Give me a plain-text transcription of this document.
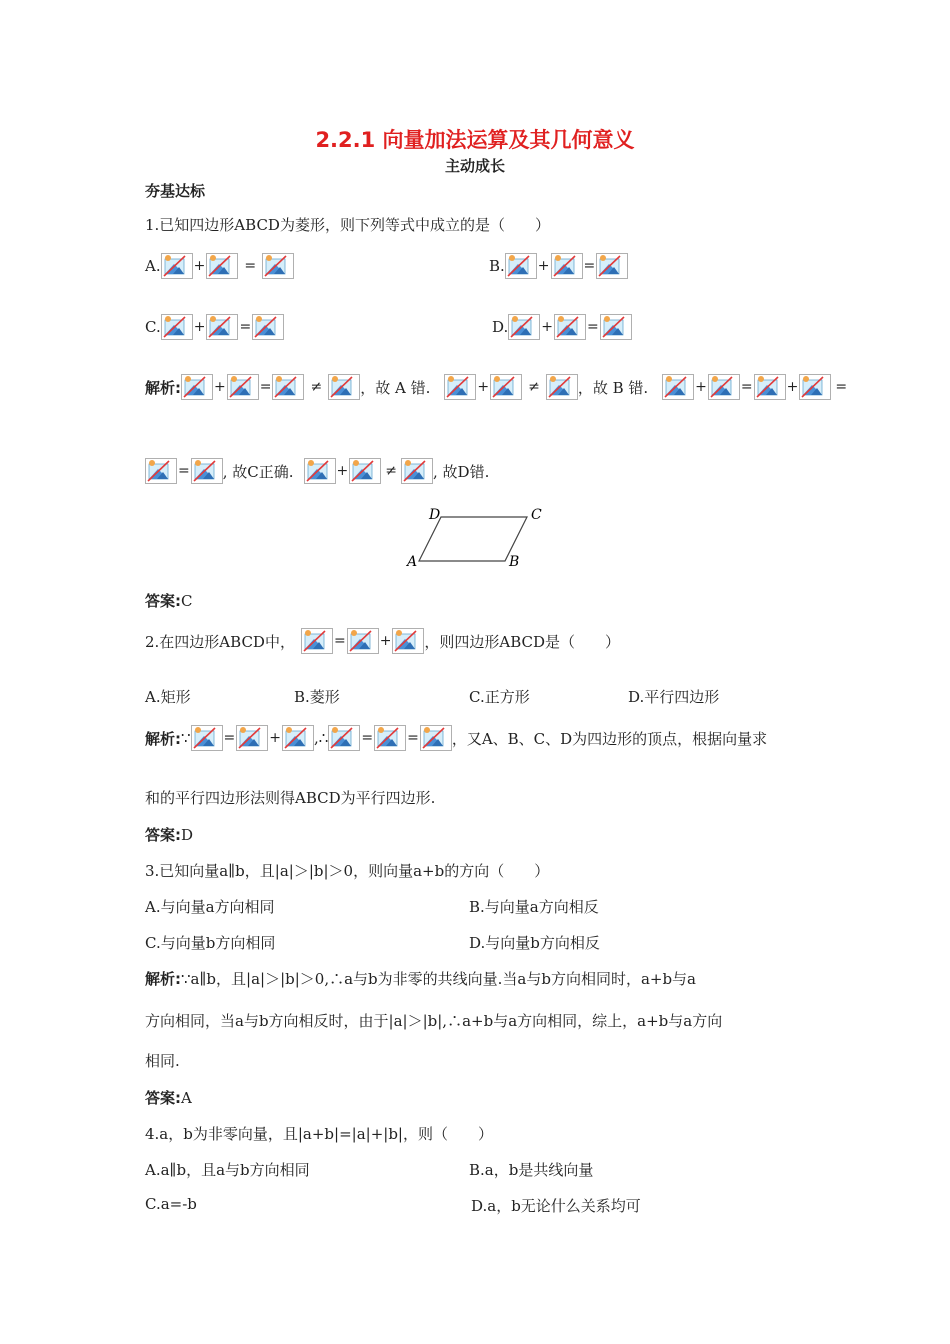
2.2.1 向量加法运算及其几何意义
主动成长
夯基达标
1.已知四边形ABCD为菱形，则下列等式中成立的是（　　）
A. +	=	B. + =
C. + =	D. + =
解析: + =	≠	，故 A 错.	+	≠	，故 B 错.	+ = +	=
= , 故C正确.	+	≠ , 故D错.
D	C
A	B
答案: C
2.在四边形ABCD中，	= + ，则四边形ABCD是（　　）
A.矩形	B.菱形	C.正方形	D.平行四边形
解析: ∵ = + , ∴ = = ，又A、B、C、D为四边形的顶点，根据向量求
和的平行四边形法则得ABCD为平行四边形.
答案: D
3.已知向量a∥b，且|a|＞|b|＞0，则向量a+b的方向（　　）
A.与向量a方向相同	B.与向量a方向相反
C.与向量b方向相同	D.与向量b方向相反
解析: ∵a∥b，且|a|＞|b|＞0,∴a与b为非零的共线向量.当a与b方向相同时，a+b与a
方向相同，当a与b方向相反时，由于|a|＞|b|,∴a+b与a方向相同，综上，a+b与a方向
相同.
答案: A
4.a，b为非零向量，且|a+b|=|a|+|b|，则（　　）
A.a∥b，且a与b方向相同	B.a，b是共线向量
C.a=-b	D.a，b无论什么关系均可
